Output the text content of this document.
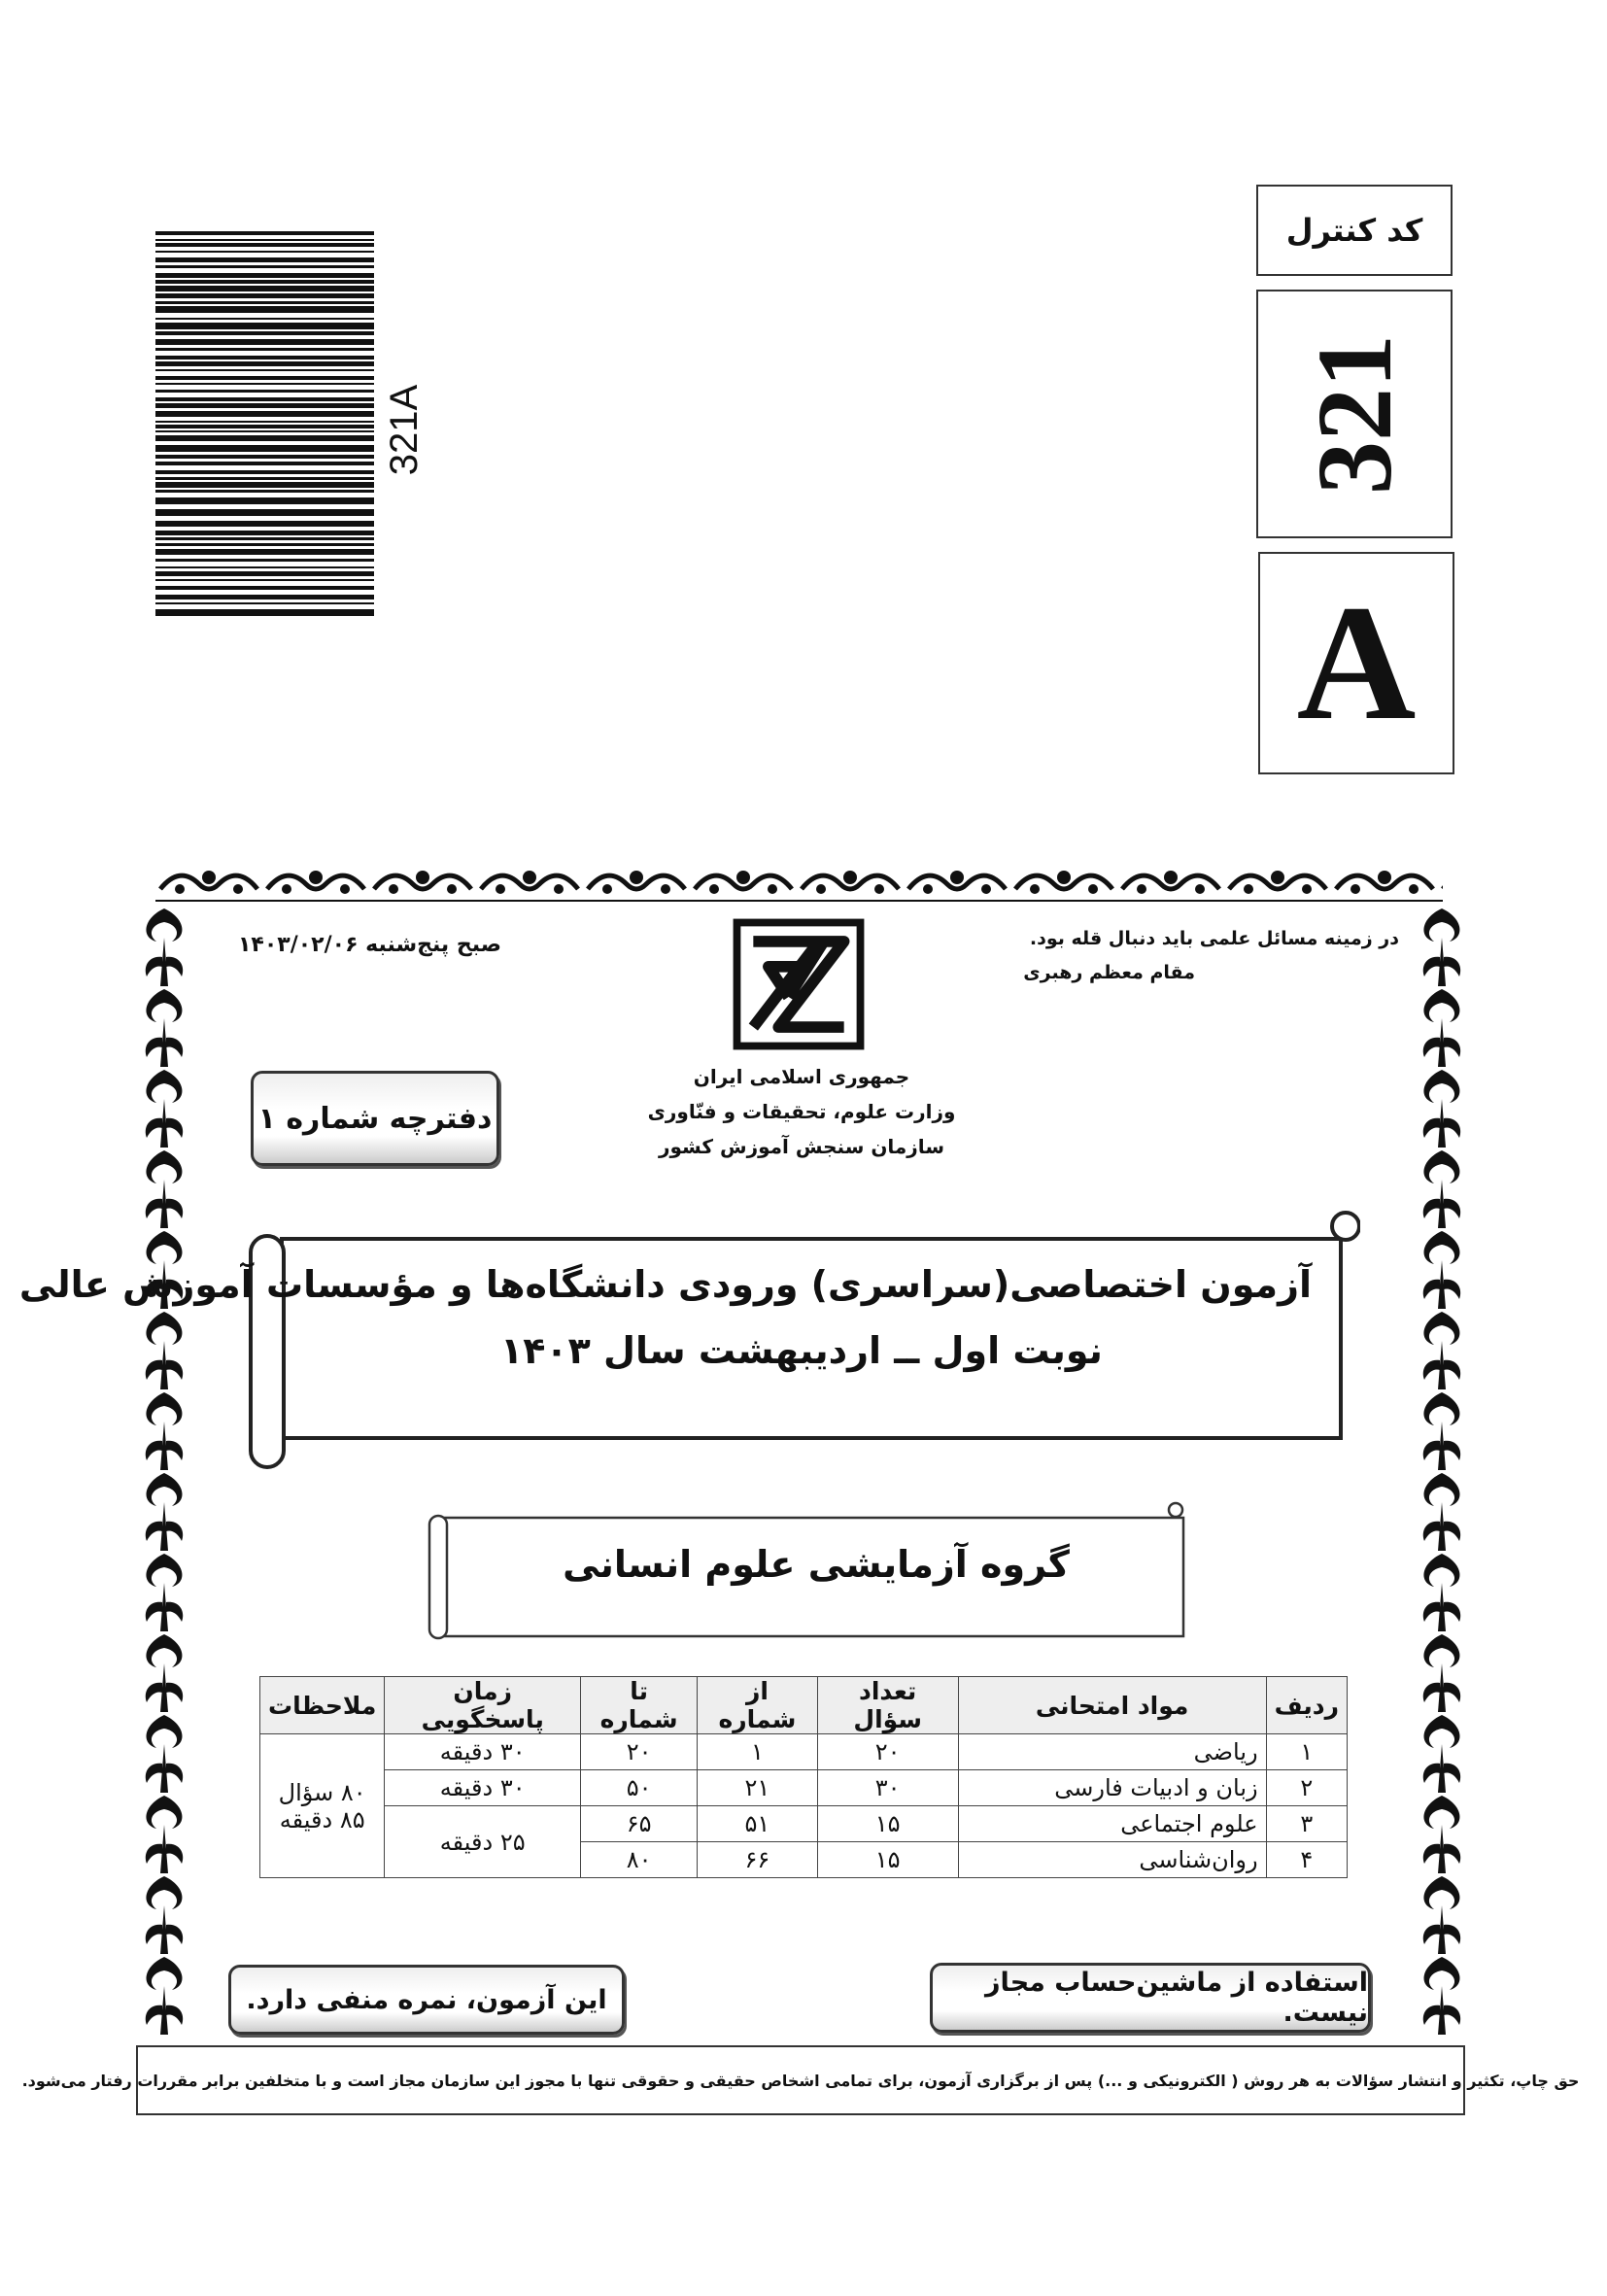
321A
کد کنترل
321
A
صبح پنج‌شنبه ۱۴۰۳/۰۲/۰۶	در زمینه مسائل علمی باید دنبال قله بود.
مقام معظم رهبری
جمهوری اسلامی ایران
وزارت علوم، تحقیقات و فنّاوری
سازمان سنجش آموزش کشور
دفترچه شماره ۱
آزمون اختصاصی(سراسری) ورودی دانشگاه‌ها و مؤسسات آموزش عالی
نوبت اول ــ اردیبهشت سال ۱۴۰۳
گروه آزمایشی علوم انسانی
ردیف	مواد امتحانی	تعداد سؤال	از شماره	تا شماره	زمان پاسخگویی	ملاحظات
۱	ریاضی	۲۰	۱	۲۰	۳۰ دقیقه	۸۰ سؤال
۸۵ دقیقه

۲	زبان و ادبیات فارسی	۳۰	۲۱	۵۰	۳۰ دقیقه	
۳	علوم اجتماعی	۱۵	۵۱	۶۵	۲۵ دقیقه	
۴	روان‌شناسی	۱۵	۶۶	۸۰		
استفاده از ماشین‌حساب مجاز نیست.
این آزمون، نمره منفی دارد.
حق چاپ، تکثیر و انتشار سؤالات به هر روش ( الکترونیکی و ...) پس از برگزاری آزمون، برای تمامی اشخاص حقیقی و حقوقی تنها با مجوز این سازمان مجاز است و با متخلفین برابر مقررات رفتار می‌شود.
